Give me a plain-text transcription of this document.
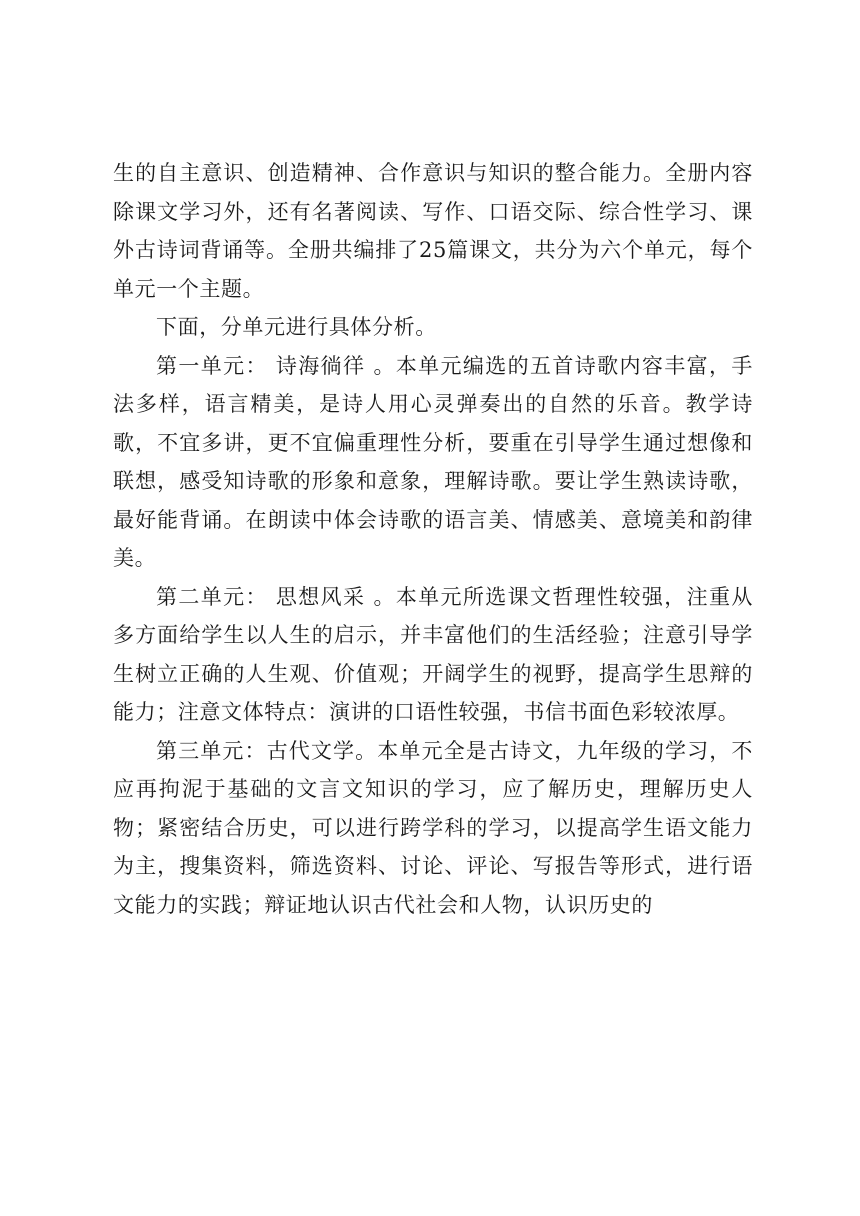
生的自主意识、创造精神、合作意识与知识的整合能力。全册内容除课文学习外，还有名著阅读、写作、口语交际、综合性学习、课外古诗词背诵等。全册共编排了25篇课文，共分为六个单元，每个单元一个主题。

下面，分单元进行具体分析。

第一单元： 诗海徜徉 。本单元编选的五首诗歌内容丰富，手法多样，语言精美，是诗人用心灵弹奏出的自然的乐音。教学诗歌，不宜多讲，更不宜偏重理性分析，要重在引导学生通过想像和联想，感受知诗歌的形象和意象，理解诗歌。要让学生熟读诗歌，最好能背诵。在朗读中体会诗歌的语言美、情感美、意境美和韵律美。

第二单元： 思想风采 。本单元所选课文哲理性较强，注重从多方面给学生以人生的启示，并丰富他们的生活经验；注意引导学生树立正确的人生观、价值观；开阔学生的视野，提高学生思辩的能力；注意文体特点：演讲的口语性较强，书信书面色彩较浓厚。

第三单元：古代文学。本单元全是古诗文，九年级的学习，不应再拘泥于基础的文言文知识的学习，应了解历史，理解历史人物；紧密结合历史，可以进行跨学科的学习，以提高学生语文能力为主，搜集资料，筛选资料、讨论、评论、写报告等形式，进行语文能力的实践；辩证地认识古代社会和人物，认识历史的
